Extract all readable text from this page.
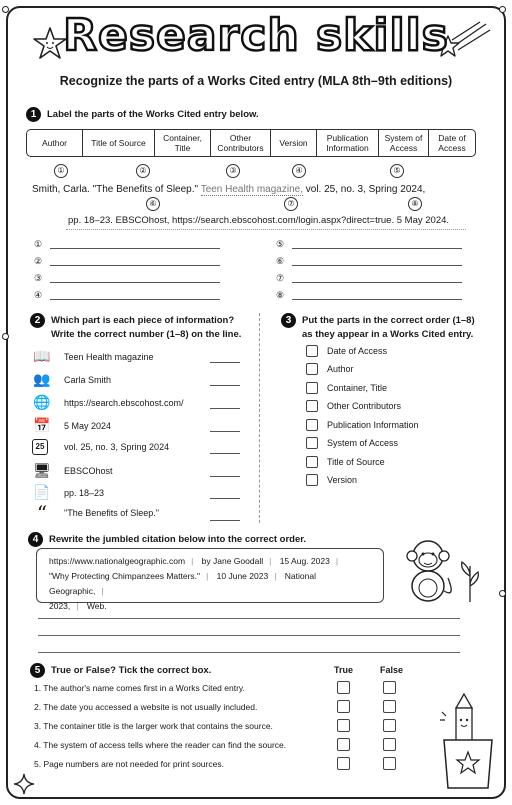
Research skills
Recognize the parts of a Works Cited entry (MLA 8th–9th editions)
1 Label the parts of the Works Cited entry below.
Author	Title of Source	Container, Title
Other Contributors	Version	Publication Information
System of Access
Date of Access
①	②	③	④	⑤
Smith, Carla. "The Benefits of Sleep." Teen Health magazine, vol. 25, no. 3, Spring 2024,
⑥	⑦	⑧
pp. 18–23. EBSCOhost, https://search.ebscohost.com/login.aspx?direct=true. 5 May 2024.
①
②
③
④
⑤
⑥
⑦
⑧
2 Which part is each piece of information?
Write the correct number (1–8) on the line.
📖 Teen Health magazine
👥 Carla Smith
🌐 https://search.ebscohost.com/
📅 5 May 2024
25	vol. 25, no. 3, Spring 2024
🖥 EBSCOhost
📄 pp. 18–23
“	"The Benefits of Sleep."
3 Put the parts in the correct order (1–8)
as they appear in a Works Cited entry.
Date of Access
Author
Container, Title
Other Contributors
Publication Information
System of Access
Title of Source
Version
4 Rewrite the jumbled citation below into the correct order.
https://www.nationalgeographic.com | by Jane Goodall | 15 Aug. 2023 |
"Why Protecting Chimpanzees Matters." | 10 June 2023 | National Geographic, |
2023, | Web.
5 True or False? Tick the correct box.	True	False
1. The author's name comes first in a Works Cited entry.
2. The date you accessed a website is not usually included.
3. The container title is the larger work that contains the source.
4. The system of access tells where the reader can find the source.
5. Page numbers are not needed for print sources.
